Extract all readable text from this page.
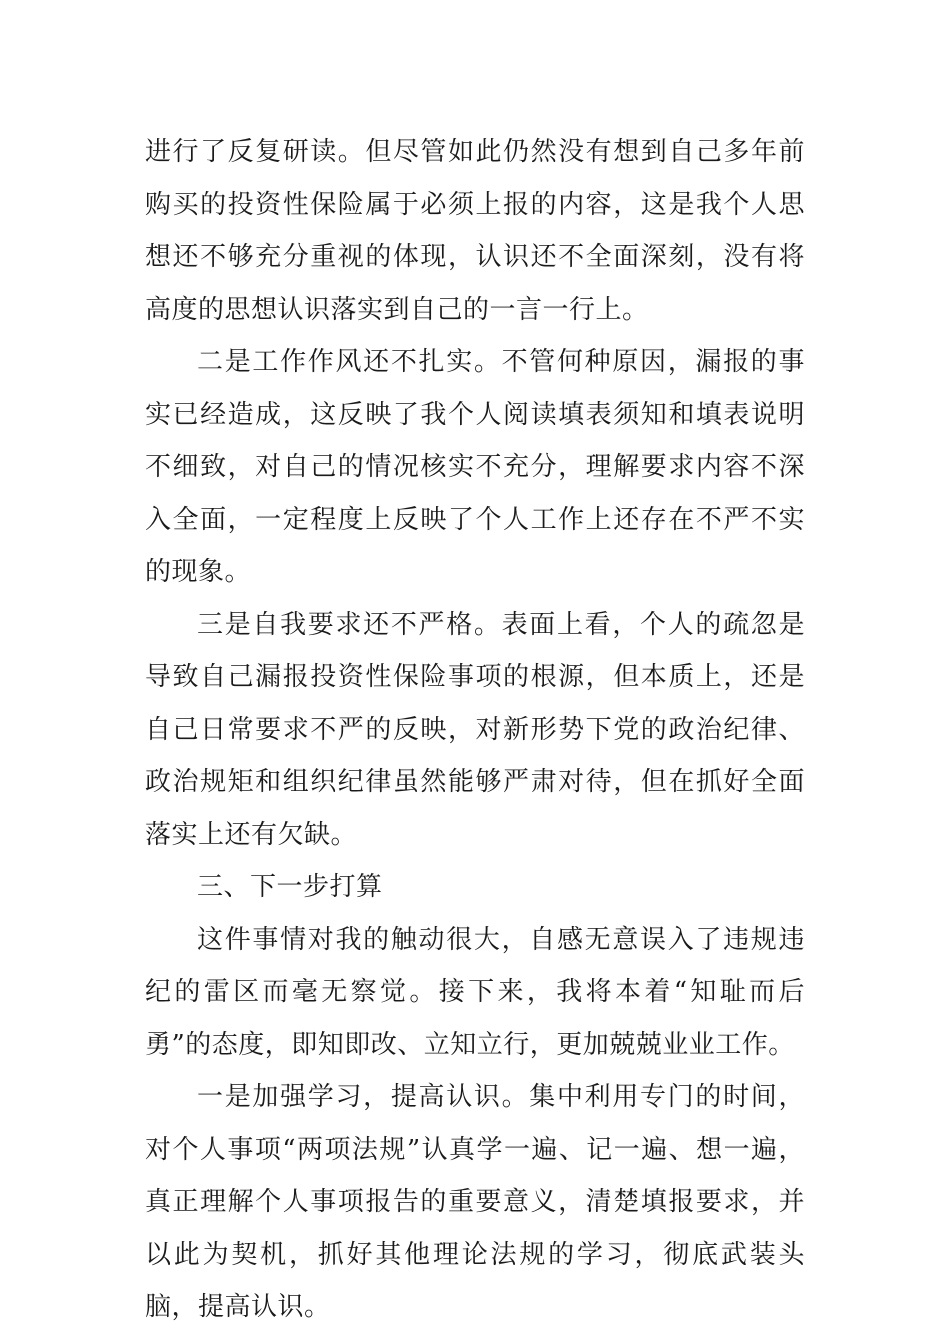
进行了反复研读。但尽管如此仍然没有想到自己多年前购买的投资性保险属于必须上报的内容，这是我个人思想还不够充分重视的体现，认识还不全面深刻，没有将高度的思想认识落实到自己的一言一行上。

二是工作作风还不扎实。不管何种原因，漏报的事实已经造成，这反映了我个人阅读填表须知和填表说明不细致，对自己的情况核实不充分，理解要求内容不深入全面，一定程度上反映了个人工作上还存在不严不实的现象。

三是自我要求还不严格。表面上看，个人的疏忽是导致自己漏报投资性保险事项的根源，但本质上，还是自己日常要求不严的反映，对新形势下党的政治纪律、政治规矩和组织纪律虽然能够严肃对待，但在抓好全面落实上还有欠缺。

三、下一步打算

这件事情对我的触动很大，自感无意误入了违规违纪的雷区而毫无察觉。接下来，我将本着“知耻而后勇”的态度，即知即改、立知立行，更加兢兢业业工作。

一是加强学习，提高认识。集中利用专门的时间，对个人事项“两项法规”认真学一遍、记一遍、想一遍，真正理解个人事项报告的重要意义，清楚填报要求，并以此为契机，抓好其他理论法规的学习，彻底武装头脑，提高认识。
